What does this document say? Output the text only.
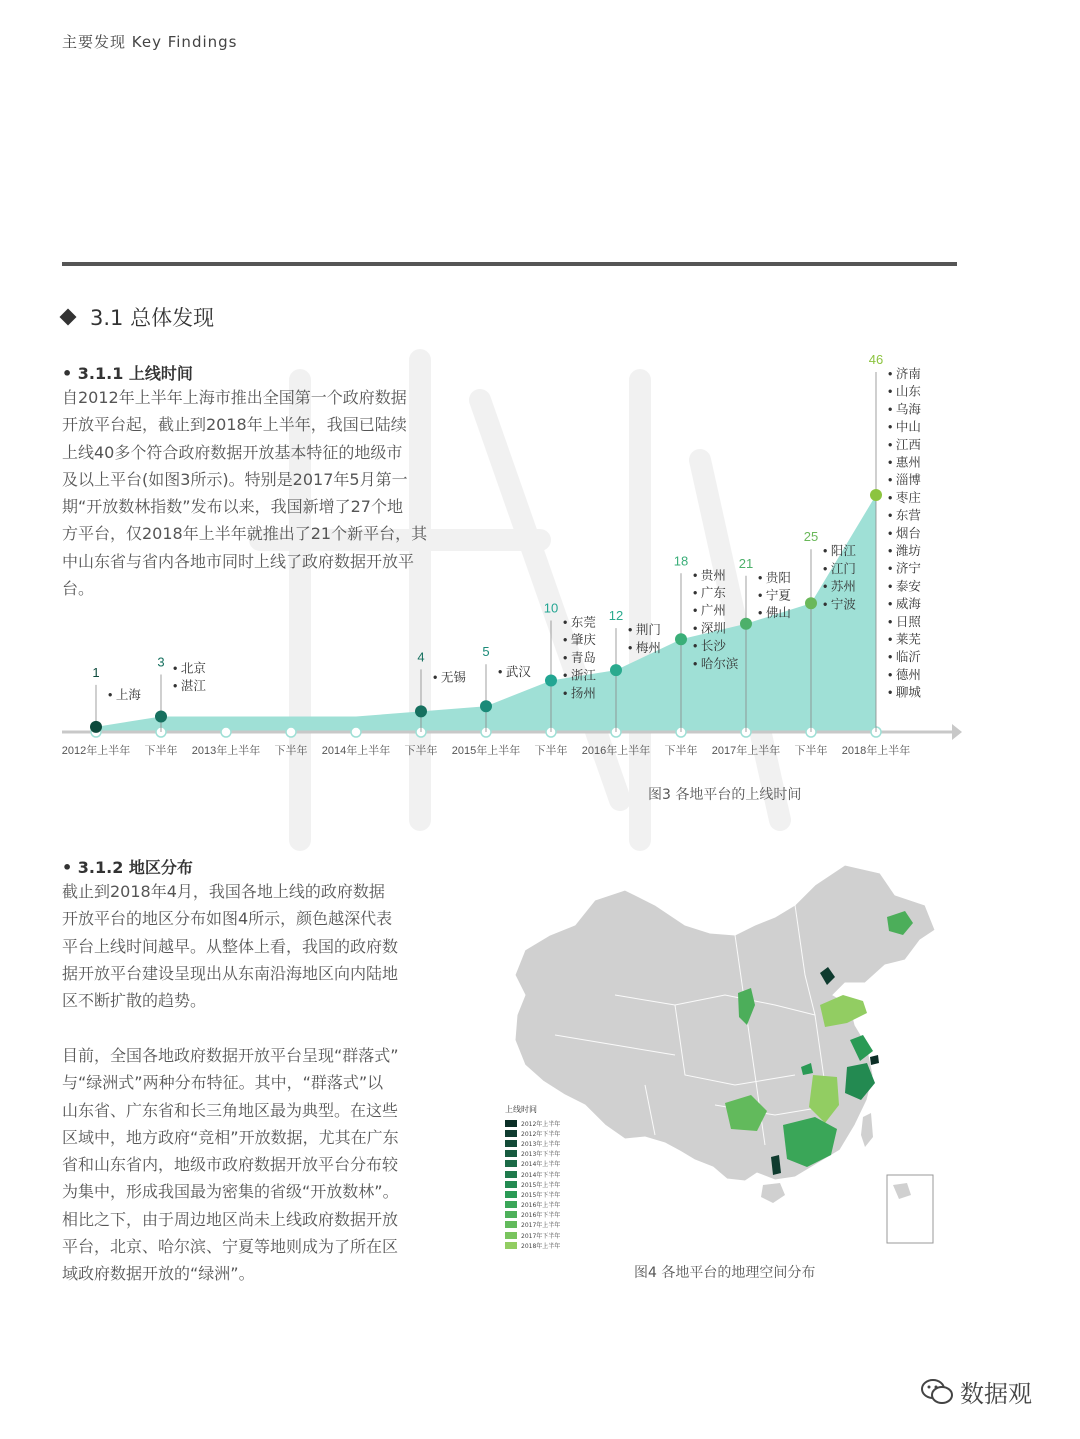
主要发现 Key Findings
3.1 总体发现
• 3.1.1 上线时间
自2012年上半年上海市推出全国第一个政府数据
开放平台起，截止到2018年上半年，我国已陆续
上线40多个符合政府数据开放基本特征的地级市
及以上平台(如图3所示)。特别是2017年5月第一
期“开放数林指数”发布以来，我国新增了27个地
方平台，仅2018年上半年就推出了21个新平台，其
中山东省与省内各地市同时上线了政府数据开放平
台。
2012年上半年 下半年 2013年上半年 下半年 2014年上半年 下半年 2015年上半年 下半年 2016年上半年 下半年 2017年上半年 下半年 2018年上半年
1
• 上海
3 • 北京
• 湛江
4
• 无锡
5
• 武汉
10
• 东莞
• 肇庆
• 青岛
• 浙江
• 扬州
12
• 荆门
• 梅州
18
• 贵州
• 广东
• 广州
• 深圳
• 长沙
• 哈尔滨
21
• 贵阳
• 宁夏
• 佛山
25
• 阳江
• 江门
• 苏州
• 宁波
46
• 济南
• 山东
• 乌海
• 中山
• 江西
• 惠州
• 淄博
• 枣庄
• 东营
• 烟台
• 潍坊
• 济宁
• 泰安
• 威海
• 日照
• 莱芜
• 临沂
• 德州
• 聊城
图3 各地平台的上线时间
• 3.1.2 地区分布
截止到2018年4月，我国各地上线的政府数据
开放平台的地区分布如图4所示，颜色越深代表
平台上线时间越早。从整体上看，我国的政府数
据开放平台建设呈现出从东南沿海地区向内陆地
区不断扩散的趋势。
目前，全国各地政府数据开放平台呈现“群落式”
与“绿洲式”两种分布特征。其中，“群落式”以
山东省、广东省和长三角地区最为典型。在这些
区域中，地方政府“竞相”开放数据，尤其在广东
省和山东省内，地级市政府数据开放平台分布较
为集中，形成我国最为密集的省级“开放数林”。
相比之下，由于周边地区尚未上线政府数据开放
平台，北京、哈尔滨、宁夏等地则成为了所在区
域政府数据开放的“绿洲”。
上线时间
2012年上半年
2012年下半年
2013年上半年
2013年下半年
2014年上半年
2014年下半年
2015年上半年
2015年下半年
2016年上半年
2016年下半年
2017年上半年
2017年下半年
2018年上半年
图4 各地平台的地理空间分布
数据观
